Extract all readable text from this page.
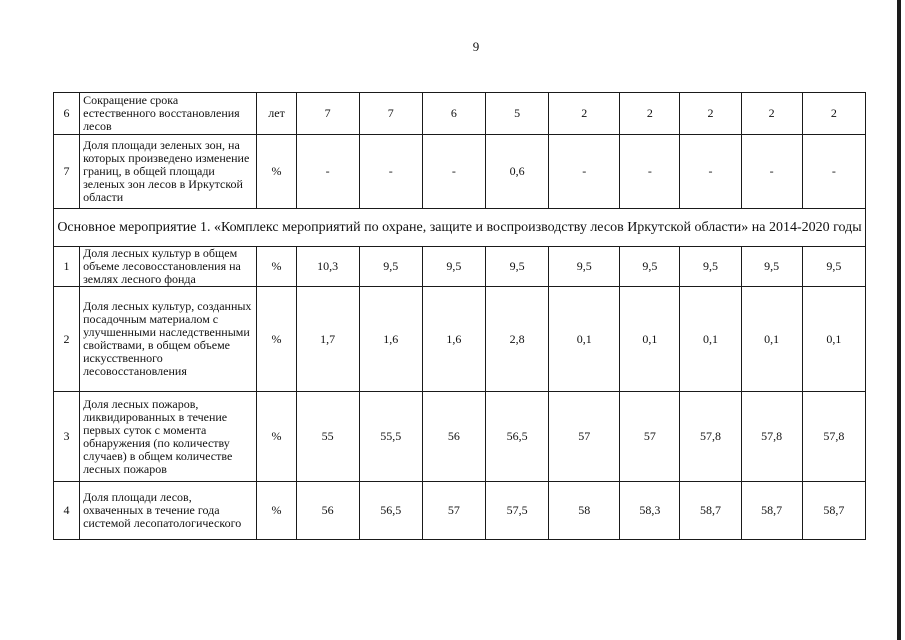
9
6	Сокращение срока естественного восстановления лесов	лет	7	7	6	5	2	2	2	2	2
7	Доля площади зеленых зон, на которых произведено изменение границ, в общей площади зеленых зон лесов в Иркутской области	%	-	-	-	0,6	-	-	-	-	-
Основное мероприятие 1. «Комплекс мероприятий по охране, защите и воспроизводству лесов Иркутской области» на 2014-2020 годы											
1	Доля лесных культур в общем объеме лесовосстановления на землях лесного фонда	%	10,3	9,5	9,5	9,5	9,5	9,5	9,5	9,5	9,5
2	Доля лесных культур, созданных посадочным материалом с улучшенными наследственными свойствами, в общем объеме искусственного лесовосстановления	%	1,7	1,6	1,6	2,8	0,1	0,1	0,1	0,1	0,1
3	Доля лесных пожаров, ликвидированных в течение первых суток с момента обнаружения (по количеству случаев) в общем количестве лесных пожаров	%	55	55,5	56	56,5	57	57	57,8	57,8	57,8
4	Доля площади лесов, охваченных в течение года системой лесопатологического	%	56	56,5	57	57,5	58	58,3	58,7	58,7	58,7
